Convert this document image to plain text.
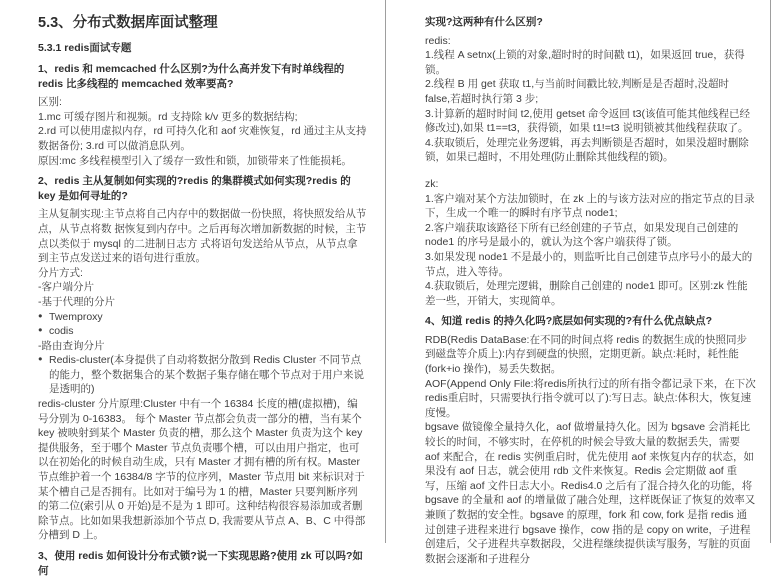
5.3、分布式数据库面试整理
5.3.1 redis面试专题

1、redis 和 memcached 什么区别?为什么高并发下有时单线程的 redis 比多线程的 memcached 效率要高?

区别:

1.mc 可缓存图片和视频。rd 支持除 k/v 更多的数据结构;

2.rd 可以使用虚拟内存，rd 可持久化和 aof 灾难恢复，rd 通过主从支持数据备份; 3.rd 可以做消息队列。

原因:mc 多线程模型引入了缓存一致性和锁，加锁带来了性能损耗。

2、redis 主从复制如何实现的?redis 的集群模式如何实现?redis 的 key 是如何寻址的?

主从复制实现:主节点将自己内存中的数据做一份快照，将快照发给从节点，从节点将数 据恢复到内存中。之后再每次增加新数据的时候，主节点以类似于 mysql 的二进制日志方 式将语句发送给从节点，从节点拿到主节点发送过来的语句进行重放。

分片方式:

-客户端分片

-基于代理的分片

● Twemproxy

● codis

-路由查询分片

● Redis-cluster(本身提供了自动将数据分散到 Redis Cluster 不同节点的能力，整个数据集合的某个数据子集存储在哪个节点对于用户来说是透明的)

redis-cluster 分片原理:Cluster 中有一个 16384 长度的槽(虚拟槽)，编号分别为 0-16383。 每个 Master 节点都会负责一部分的槽，当有某个 key 被映射到某个 Master 负责的槽，那么这个 Master 负责为这个 key 提供服务，至于哪个 Master 节点负责哪个槽，可以由用户指定，也可以在初始化的时候自动生成，只有 Master 才拥有槽的所有权。Master 节点维护着一个 16384/8 字节的位序列，Master 节点用 bit 来标识对于某个槽自己是否拥有。比如对于编号为 1 的槽，Master 只要判断序列的第二位(索引从 0 开始)是不是为 1 即可。这种结构很容易添加或者删除节点。比如如果我想新添加个节点 D, 我需要从节点 A、B、C 中得部分槽到 D 上。

3、使用 redis 如何设计分布式锁?说一下实现思路?使用 zk 可以吗?如何

实现?这两种有什么区别?

redis:

1.线程 A setnx(上锁的对象,超时时的时间戳 t1)，如果返回 true，获得锁。

2.线程 B 用 get 获取 t1,与当前时间戳比较,判断是是否超时,没超时 false,若超时执行第 3 步;

3.计算新的超时时间 t2,使用 getset 命令返回 t3(该值可能其他线程已经修改过),如果 t1==t3，获得锁，如果 t1!=t3 说明锁被其他线程获取了。

4.获取锁后，处理完业务逻辑，再去判断锁是否超时，如果没超时删除锁，如果已超时，不用处理(防止删除其他线程的锁)。

zk:

1.客户端对某个方法加锁时，在 zk 上的与该方法对应的指定节点的目录下，生成一个唯一的瞬时有序节点 node1;

2.客户端获取该路径下所有已经创建的子节点，如果发现自己创建的 node1 的序号是最小的，就认为这个客户端获得了锁。

3.如果发现 node1 不是最小的，则监听比自己创建节点序号小的最大的节点，进入等待。

4.获取锁后，处理完逻辑，删除自己创建的 node1 即可。区别:zk 性能差一些，开销大，实现简单。

4、知道 redis 的持久化吗?底层如何实现的?有什么优点缺点?

RDB(Redis DataBase:在不同的时间点将 redis 的数据生成的快照同步到磁盘等介质上):内存到硬盘的快照，定期更新。缺点:耗时，耗性能(fork+io 操作)，易丢失数据。

AOF(Append Only File:将redis所执行过的所有指令都记录下来，在下次redis重启时，只需要执行指令就可以了):写日志。缺点:体积大，恢复速度慢。

bgsave 做镜像全量持久化，aof 做增量持久化。因为 bgsave 会消耗比较长的时间，不够实时，在停机的时候会导致大量的数据丢失，需要 aof 来配合，在 redis 实例重启时，优先使用 aof 来恢复内存的状态，如果没有 aof 日志，就会使用 rdb 文件来恢复。Redis 会定期做 aof 重写，压缩 aof 文件日志大小。Redis4.0 之后有了混合持久化的功能，将 bgsave 的全量和 aof 的增量做了融合处理，这样既保证了恢复的效率又兼顾了数据的安全性。bgsave 的原理，fork 和 cow, fork 是指 redis 通过创建子进程来进行 bgsave 操作，cow 指的是 copy on write，子进程创建后，父子进程共享数据段，父进程继续提供读写服务，写脏的页面数据会逐渐和子进程分
